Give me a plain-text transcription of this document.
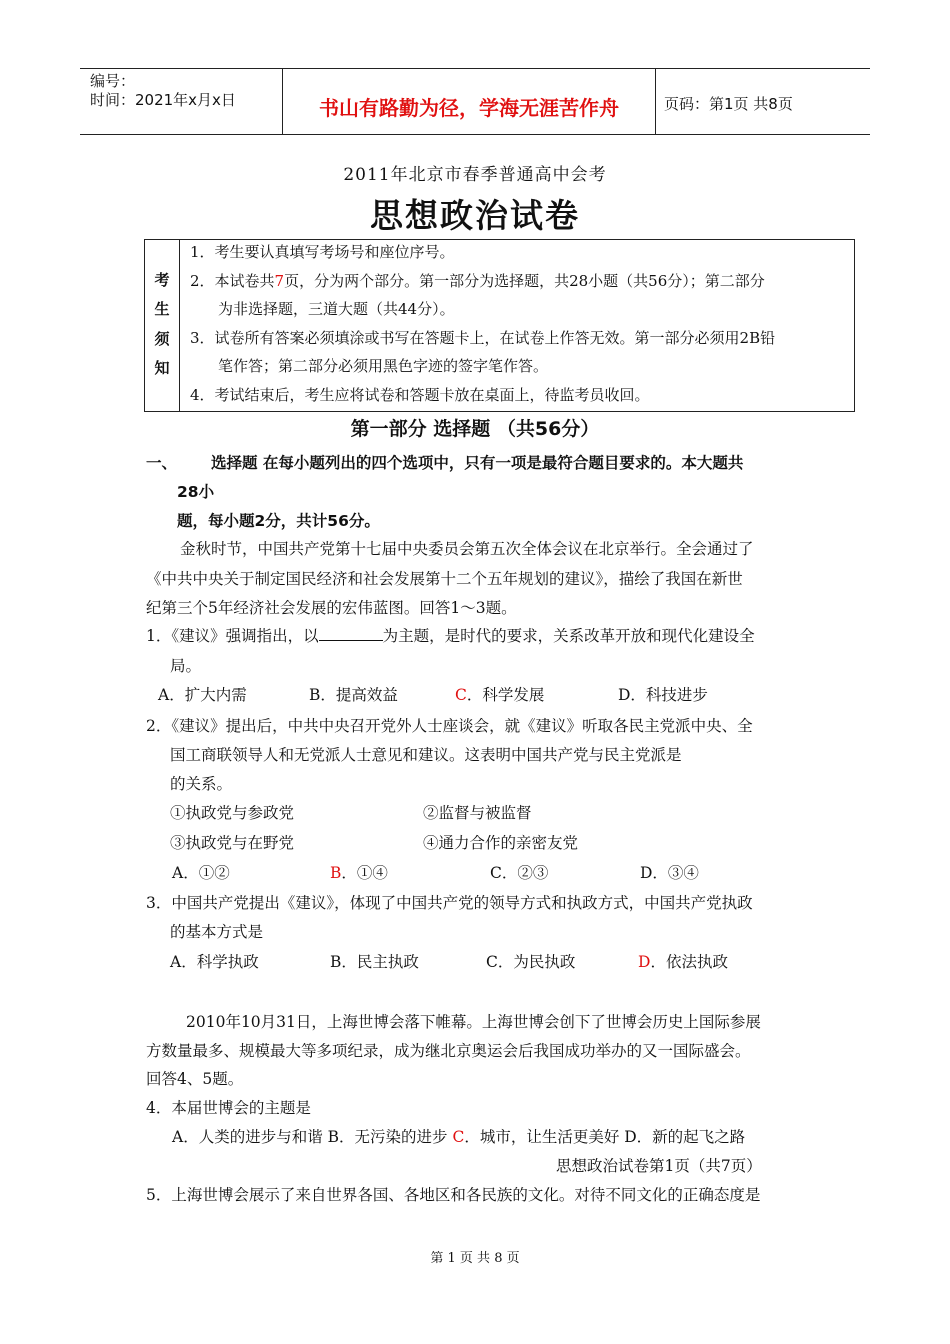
编号：
时间：2021年x月x日	书山有路勤为径，学海无涯苦作舟	页码：第1页 共8页
2011年北京市春季普通高中会考
思想政治试卷
考
生
须
知
1．考生要认真填写考场号和座位序号。
2．本试卷共7页，分为两个部分。第一部分为选择题，共28小题（共56分）；第二部分
为非选择题，三道大题（共44分）。
3．试卷所有答案必须填涂或书写在答题卡上，在试卷上作答无效。第一部分必须用2B铅
笔作答；第二部分必须用黑色字迹的签字笔作答。
4．考试结束后，考生应将试卷和答题卡放在桌面上，待监考员收回。
第一部分 选择题 （共56分）
一、 选择题 在每小题列出的四个选项中，只有一项是最符合题目要求的。本大题共
28小
题，每小题2分，共计56分。
金秋时节，中国共产党第十七届中央委员会第五次全体会议在北京举行。全会通过了
《中共中央关于制定国民经济和社会发展第十二个五年规划的建议》，描绘了我国在新世
纪第三个5年经济社会发展的宏伟蓝图。回答1～3题。
1．《建议》强调指出，以	为主题，是时代的要求，关系改革开放和现代化建设全
局。
A．扩大内需	B．提高效益	C．科学发展	D．科技进步
2．《建议》提出后，中共中央召开党外人士座谈会，就《建议》听取各民主党派中央、全
国工商联领导人和无党派人士意见和建议。这表明中国共产党与民主党派是
的关系。
①执政党与参政党	②监督与被监督
③执政党与在野党	④通力合作的亲密友党
A．①②	B．①④	C．②③	D．③④
3．中国共产党提出《建议》，体现了中国共产党的领导方式和执政方式，中国共产党执政
的基本方式是
A．科学执政	B．民主执政	C．为民执政	D．依法执政
2010年10月31日，上海世博会落下帷幕。上海世博会创下了世博会历史上国际参展
方数量最多、规模最大等多项纪录，成为继北京奥运会后我国成功举办的又一国际盛会。
回答4、5题。
4．本届世博会的主题是
A．人类的进步与和谐 B．无污染的进步 C．城市，让生活更美好 D．新的起飞之路
思想政治试卷第1页（共7页）
5．上海世博会展示了来自世界各国、各地区和各民族的文化。对待不同文化的正确态度是
第 1 页 共 8 页
